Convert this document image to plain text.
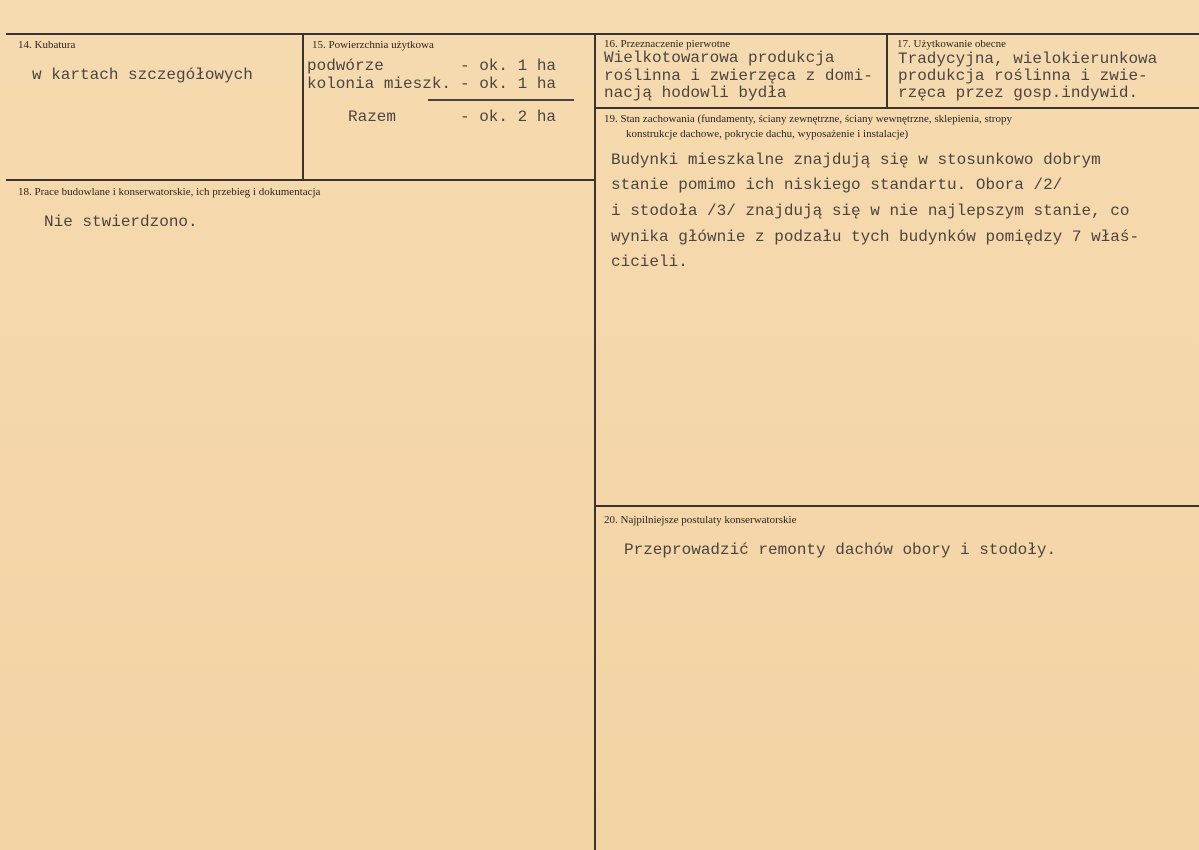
14. Kubatura
w kartach szczegółowych
15. Powierzchnia użytkowa
podwórze	- ok. 1 ha
kolonia mieszk. - ok. 1 ha
Razem	- ok. 2 ha
16. Przeznaczenie pierwotne
Wielkotowarowa produkcja
roślinna i zwierzęca z domi-
nacją hodowli bydła
17. Użytkowanie obecne
Tradycyjna, wielokierunkowa
produkcja roślinna i zwie-
rzęca przez gosp.indywid.
18. Prace budowlane i konserwatorskie, ich przebieg i dokumentacja
Nie stwierdzono.
19. Stan zachowania (fundamenty, ściany zewnętrzne, ściany wewnętrzne, sklepienia, stropy
konstrukcje dachowe, pokrycie dachu, wyposażenie i instalacje)
Budynki mieszkalne znajdują się w stosunkowo dobrym
stanie pomimo ich niskiego standartu. Obora /2/
i stodoła /3/ znajdują się w nie najlepszym stanie, co
wynika głównie z podzału tych budynków pomiędzy 7 właś-
cicieli.
20. Najpilniejsze postulaty konserwatorskie
Przeprowadzić remonty dachów obory i stodoły.
